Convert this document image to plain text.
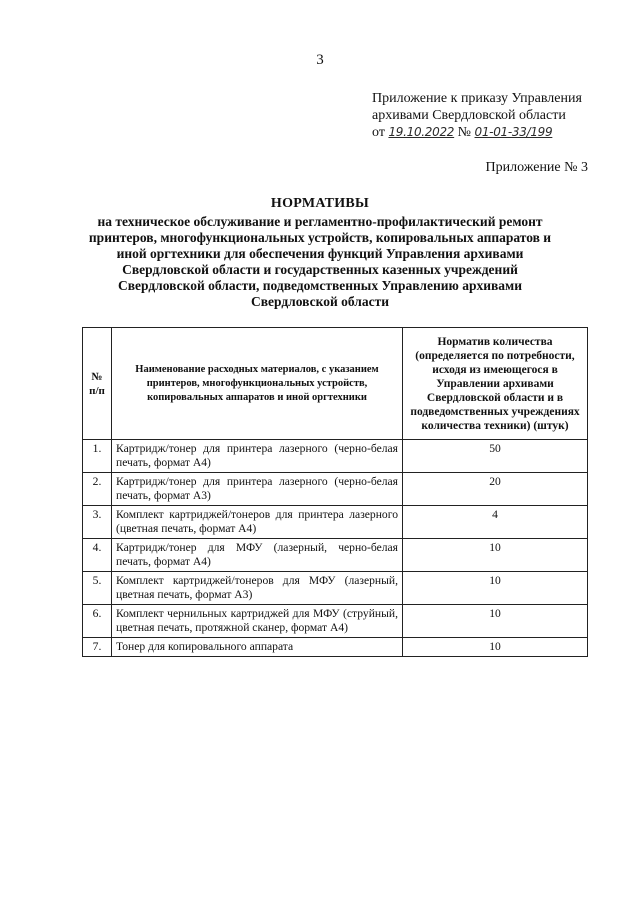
3
Приложение к приказу Управления
архивами Свердловской области
от 19.10.2022 № 01-01-33/199
Приложение № 3
НОРМАТИВЫ
на техническое обслуживание и регламентно-профилактический ремонт
принтеров, многофункциональных устройств, копировальных аппаратов и
иной оргтехники для обеспечения функций Управления архивами
Свердловской области и государственных казенных учреждений
Свердловской области, подведомственных Управлению архивами
Свердловской области
№ п/п	Наименование расходных материалов, с указанием принтеров, многофункциональных устройств, копировальных аппаратов и иной оргтехники	Норматив количества (определяется по потребности, исходя из имеющегося в Управлении архивами Свердловской области и в подведомственных учреждениях количества техники) (штук)
1.	Картридж/тонер для принтера лазерного (черно-белая печать, формат А4)	50
2.	Картридж/тонер для принтера лазерного (черно-белая печать, формат А3)	20
3.	Комплект картриджей/тонеров для принтера лазерного (цветная печать, формат А4)	4
4.	Картридж/тонер для МФУ (лазерный, черно-белая печать, формат А4)	10
5.	Комплект картриджей/тонеров для МФУ (лазерный, цветная печать, формат А3)	10
6.	Комплект чернильных картриджей для МФУ (струйный, цветная печать, протяжной сканер, формат А4)	10
7.	Тонер для копировального аппарата	10
